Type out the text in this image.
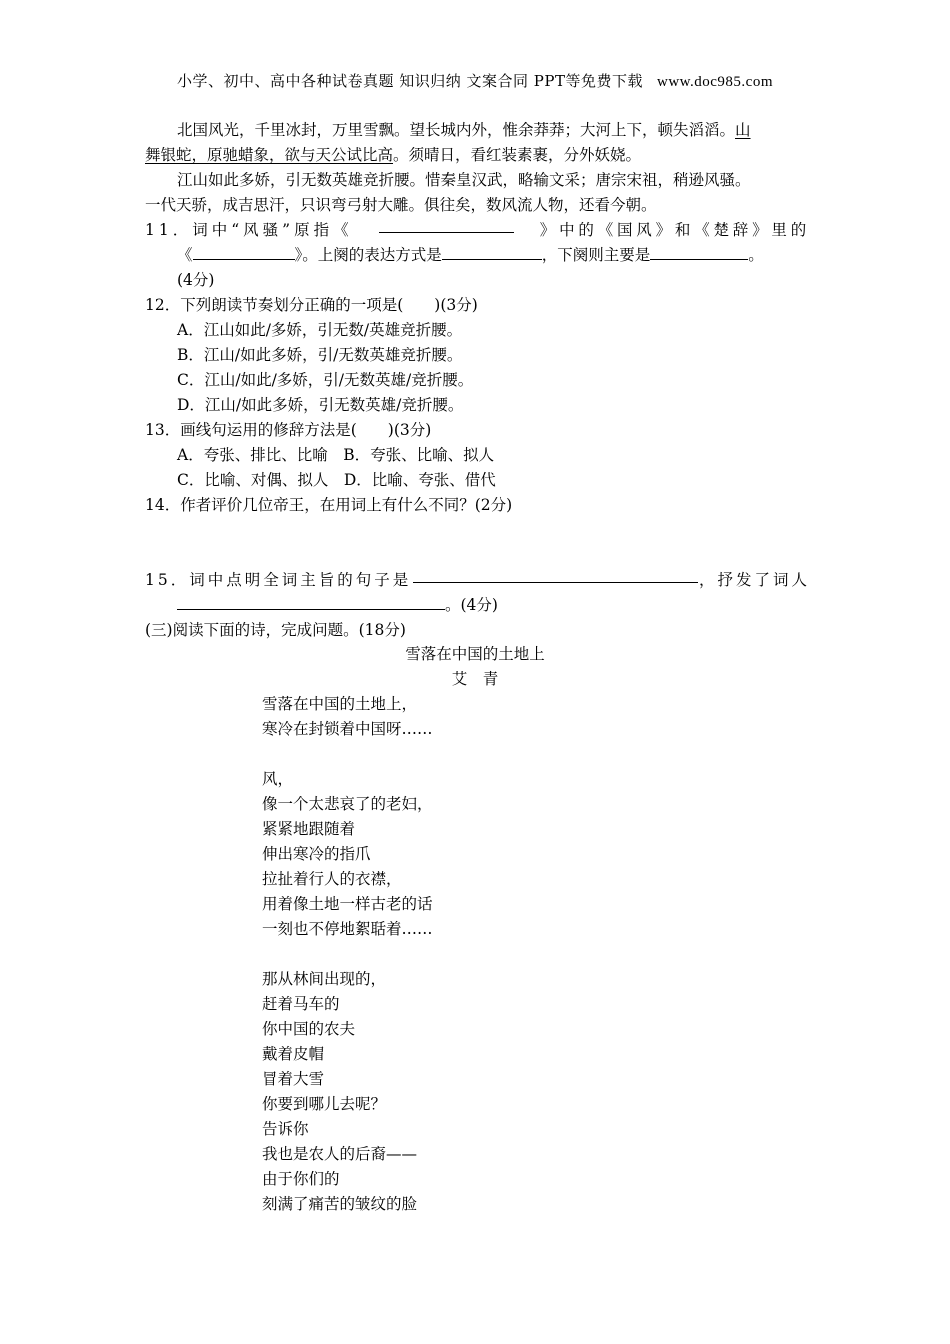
小学、初中、高中各种试卷真题 知识归纳 文案合同 PPT等免费下载 www.doc985.com
北国风光，千里冰封，万里雪飘。望长城内外，惟余莽莽；大河上下，顿失滔滔。山
舞银蛇，原驰蜡象，欲与天公试比高。须晴日，看红装素裹，分外妖娆。
江山如此多娇，引无数英雄竞折腰。惜秦皇汉武，略输文采；唐宗宋祖，稍逊风骚。
一代天骄，成吉思汗，只识弯弓射大雕。俱往矣，数风流人物，还看今朝。
11．词中“风骚”原指《	》中的《国风》和《楚辞》里的
《	》。上阕的表达方式是	，下阕则主要是	。
(4分)
12．下列朗读节奏划分正确的一项是(　　)(3分)
A．江山如此/多娇，引无数/英雄竞折腰。
B．江山/如此多娇，引/无数英雄竞折腰。
C．江山/如此/多娇，引/无数英雄/竞折腰。
D．江山/如此多娇，引无数英雄/竞折腰。
13．画线句运用的修辞方法是(　　)(3分)
A．夸张、排比、比喻　B．夸张、比喻、拟人
C．比喻、对偶、拟人　D．比喻、夸张、借代
14．作者评价几位帝王，在用词上有什么不同？(2分)
15．词中点明全词主旨的句子是	，抒发了词人
。(4分)
(三)阅读下面的诗，完成问题。(18分)
雪落在中国的土地上
艾　青
雪落在中国的土地上，
寒冷在封锁着中国呀……
风，
像一个太悲哀了的老妇，
紧紧地跟随着
伸出寒冷的指爪
拉扯着行人的衣襟，
用着像土地一样古老的话
一刻也不停地絮聒着……
那从林间出现的，
赶着马车的
你中国的农夫
戴着皮帽
冒着大雪
你要到哪儿去呢？
告诉你
我也是农人的后裔——
由于你们的
刻满了痛苦的皱纹的脸
